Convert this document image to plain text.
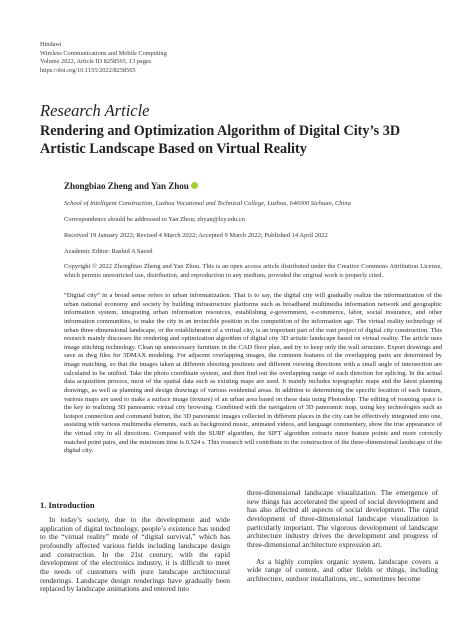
Hindawi
Wireless Communications and Mobile Computing
Volume 2022, Article ID 8258565, 13 pages
https://doi.org/10.1155/2022/8258565
Research Article
Rendering and Optimization Algorithm of Digital City’s 3D Artistic Landscape Based on Virtual Reality
Zhongbiao Zheng and Yan Zhou
School of Intelligent Construction, Luzhou Vocational and Technical College, Luzhou, 646000 Sichuan, China
Correspondence should be addressed to Yan Zhou; zhyan@lzy.edu.cn
Received 19 January 2022; Revised 4 March 2022; Accepted 9 March 2022; Published 14 April 2022
Academic Editor: Rashid A Saeed
Copyright © 2022 Zhongbiao Zheng and Yan Zhou. This is an open access article distributed under the Creative Commons Attribution License, which permits unrestricted use, distribution, and reproduction in any medium, provided the original work is properly cited.
“Digital city” in a broad sense refers to urban informatization. That is to say, the digital city will gradually realize the informatization of the urban national economy and society by building infrastructure platforms such as broadband multimedia information network and geographic information system, integrating urban information resources, establishing e-government, e-commerce, labor, social insurance, and other information communities, to make the city in an invincible position in the competition of the information age. The virtual reality technology of urban three-dimensional landscape, or the establishment of a virtual city, is an important part of the vast project of digital city construction. This research mainly discusses the rendering and optimization algorithm of digital city 3D artistic landscape based on virtual reality. The article uses image stitching technology. Clean up unnecessary furniture in the CAD floor plan, and try to keep only the wall structure. Export drawings and save as dwg files for 3DMAX modeling. For adjacent overlapping images, the common features of the overlapping parts are determined by image matching, so that the images taken at different shooting positions and different viewing directions with a small angle of intersection are calculated to be unified. Take the photo coordinate system, and then find out the overlapping range of each direction for splicing. In the actual data acquisition process, most of the spatial data such as existing maps are used. It mainly includes topographic maps and the latest planning drawings, as well as planning and design drawings of various residential areas. In addition to determining the specific location of each feature, various maps are used to make a surface image (texture) of an urban area based on these data using Photoshop. The editing of roaming space is the key to realizing 3D panoramic virtual city browsing. Combined with the navigation of 3D panoramic map, using key technologies such as hotspot connection and command button, the 3D panoramic images collected in different places in the city can be effectively integrated into one, assisting with various multimedia elements, such as background music, animated videos, and language commentary, show the true appearance of the virtual city in all directions. Compared with the SURF algorithm, the SIFT algorithm extracts more feature points and more correctly matched point pairs, and the minimum time is 0.524 s. This research will contribute to the construction of the three-dimensional landscape of the digital city.
1. Introduction
In today’s society, due to the development and wide application of digital technology, people’s existence has tended to the “virtual reality” mode of “digital survival,” which has profoundly affected various fields including landscape design and construction. In the 21st century, with the rapid development of the electronics industry, it is difficult to meet the needs of customers with pure landscape architectural renderings. Landscape design renderings have gradually been replaced by landscape animations and entered into

three-dimensional landscape visualization. The emergence of new things has accelerated the speed of social development and has also affected all aspects of social development. The rapid development of three-dimensional landscape visualization is particularly important. The vigorous development of landscape architecture industry drives the development and progress of three-dimensional architecture expression art.

As a highly complex organic system, landscape covers a wide range of content, and other fields or things, including architecture, outdoor installations, etc., sometimes become
